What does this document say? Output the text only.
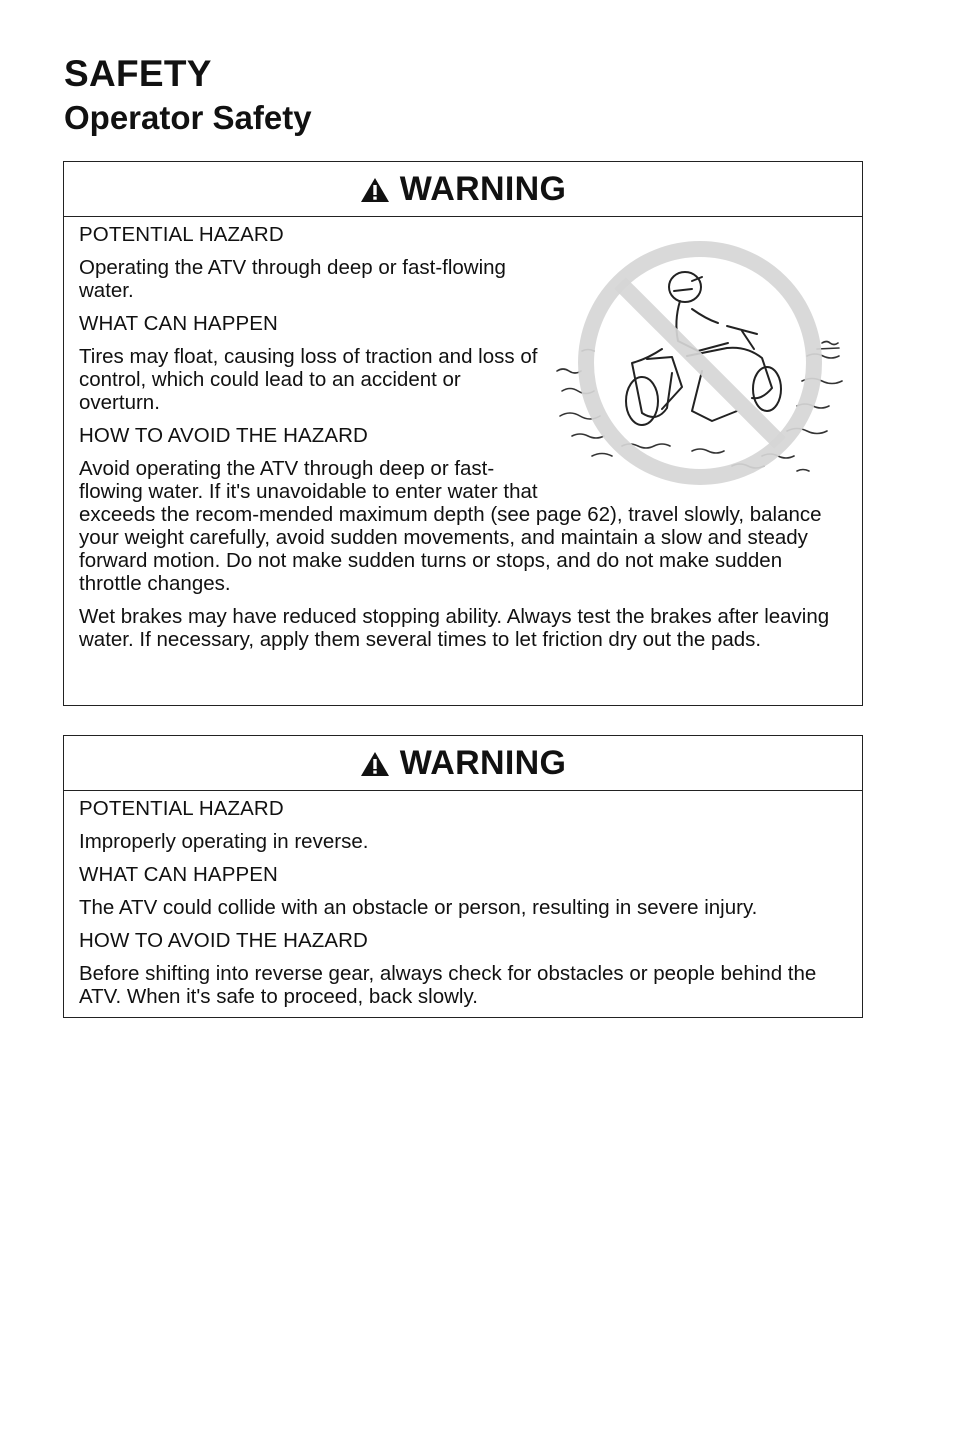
SAFETY
Operator Safety
WARNING

POTENTIAL HAZARD

Operating the ATV through deep or fast-flowing water.

WHAT CAN HAPPEN

Tires may float, causing loss of traction and loss of control, which could lead to an accident or overturn.

HOW TO AVOID THE HAZARD

Avoid operating the ATV through deep or fast-flowing water. If it's unavoidable to enter water that exceeds the recom-mended maximum depth (see page 62), travel slowly, balance your weight carefully, avoid sudden movements, and maintain a slow and steady forward motion. Do not make sudden turns or stops, and do not make sudden throttle changes.

Wet brakes may have reduced stopping ability. Always test the brakes after leaving water. If necessary, apply them several times to let friction dry out the pads.

WARNING

POTENTIAL HAZARD

Improperly operating in reverse.

WHAT CAN HAPPEN

The ATV could collide with an obstacle or person, resulting in severe injury.

HOW TO AVOID THE HAZARD

Before shifting into reverse gear, always check for obstacles or people behind the ATV. When it's safe to proceed, back slowly.
